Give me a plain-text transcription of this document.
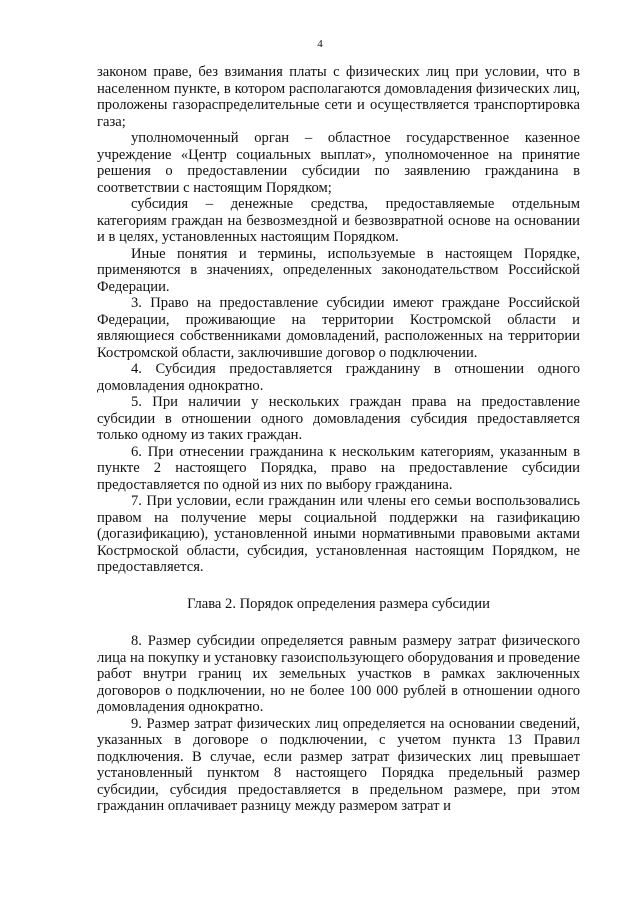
4

законом праве, без взимания платы с физических лиц при условии, что в населенном пункте, в котором располагаются домовладения физических лиц, проложены газораспределительные сети и осуществляется транспортировка газа;

уполномоченный орган – областное государственное казенное учреждение «Центр социальных выплат», уполномоченное на принятие решения о предоставлении субсидии по заявлению гражданина в соответствии с настоящим Порядком;

субсидия – денежные средства, предоставляемые отдельным категориям граждан на безвозмездной и безвозвратной основе на основании и в целях, установленных настоящим Порядком.

Иные понятия и термины, используемые в настоящем Порядке, применяются в значениях, определенных законодательством Российской Федерации.

3. Право на предоставление субсидии имеют граждане Российской Федерации, проживающие на территории Костромской области и являющиеся собственниками домовладений, расположенных на территории Костромской области, заключившие договор о подключении.

4. Субсидия предоставляется гражданину в отношении одного домовладения однократно.

5. При наличии у нескольких граждан права на предоставление субсидии в отношении одного домовладения субсидия предоставляется только одному из таких граждан.

6. При отнесении гражданина к нескольким категориям, указанным в пункте 2 настоящего Порядка, право на предоставление субсидии предоставляется по одной из них по выбору гражданина.

7. При условии, если гражданин или члены его семьи воспользовались правом на получение меры социальной поддержки на газификацию (догазификацию), установленной иными нормативными правовыми актами Кострмоской области, субсидия, установленная настоящим Порядком, не предоставляется.

Глава 2. Порядок определения размера субсидии

8. Размер субсидии определяется равным размеру затрат физического лица на покупку и установку газоиспользующего оборудования и проведение работ внутри границ их земельных участков в рамках заключенных договоров о подключении, но не более 100 000 рублей в отношении одного домовладения однократно.

9. Размер затрат физических лиц определяется на основании сведений, указанных в договоре о подключении, с учетом пункта 13 Правил подключения. В случае, если размер затрат физических лиц превышает установленный пунктом 8 настоящего Порядка предельный размер субсидии, субсидия предоставляется в предельном размере, при этом гражданин оплачивает разницу между размером затрат и
